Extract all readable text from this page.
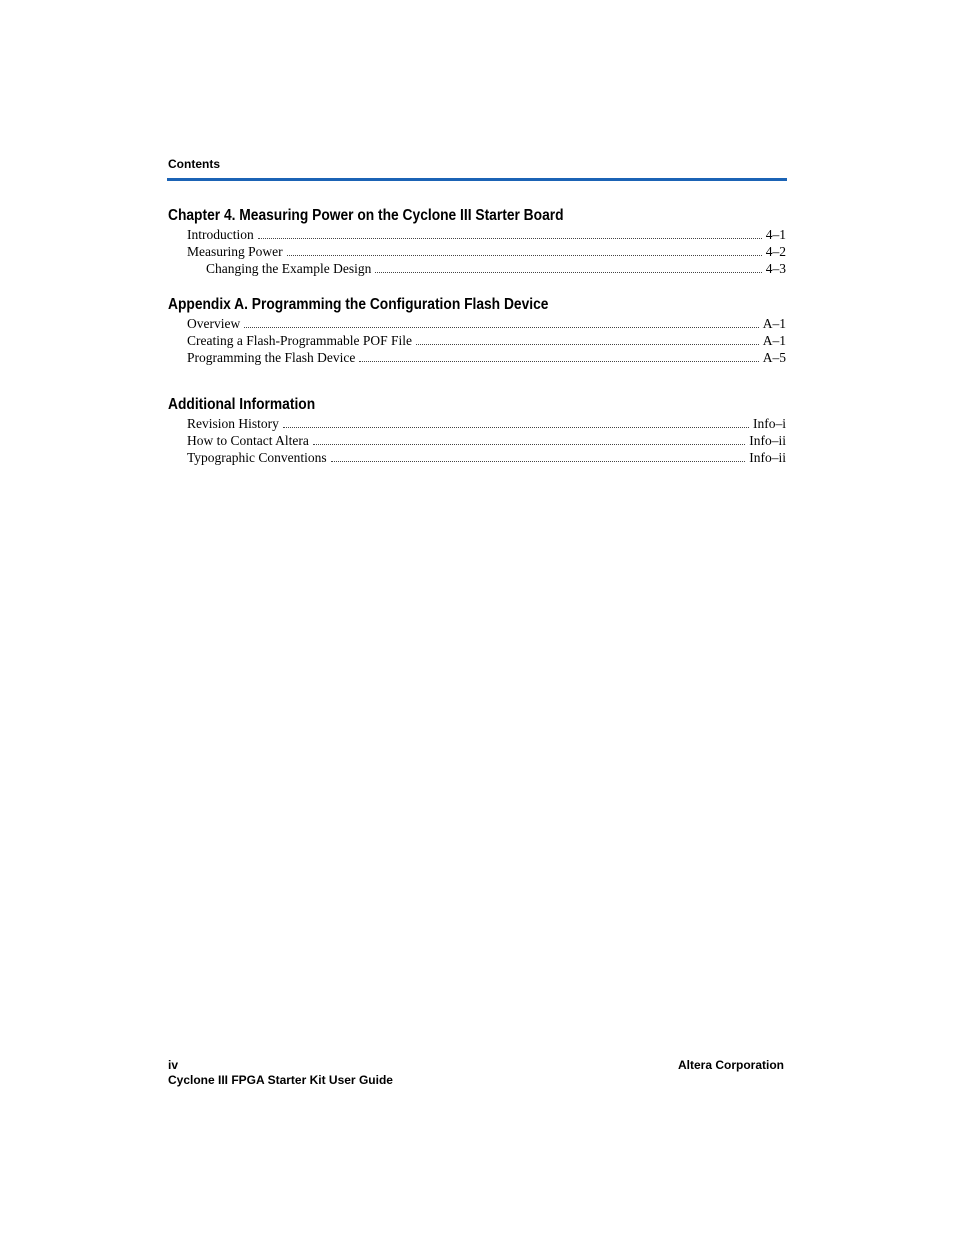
Contents
Chapter 4. Measuring Power on the Cyclone III Starter Board
Introduction	4–1
Measuring Power	4–2
Changing the Example Design	4–3
Appendix A. Programming the Configuration Flash Device
Overview	A–1
Creating a Flash-Programmable POF File	A–1
Programming the Flash Device	A–5
Additional Information
Revision History	Info–i
How to Contact Altera	Info–ii
Typographic Conventions	Info–ii
iv
Cyclone III FPGA Starter Kit User Guide
Altera Corporation
